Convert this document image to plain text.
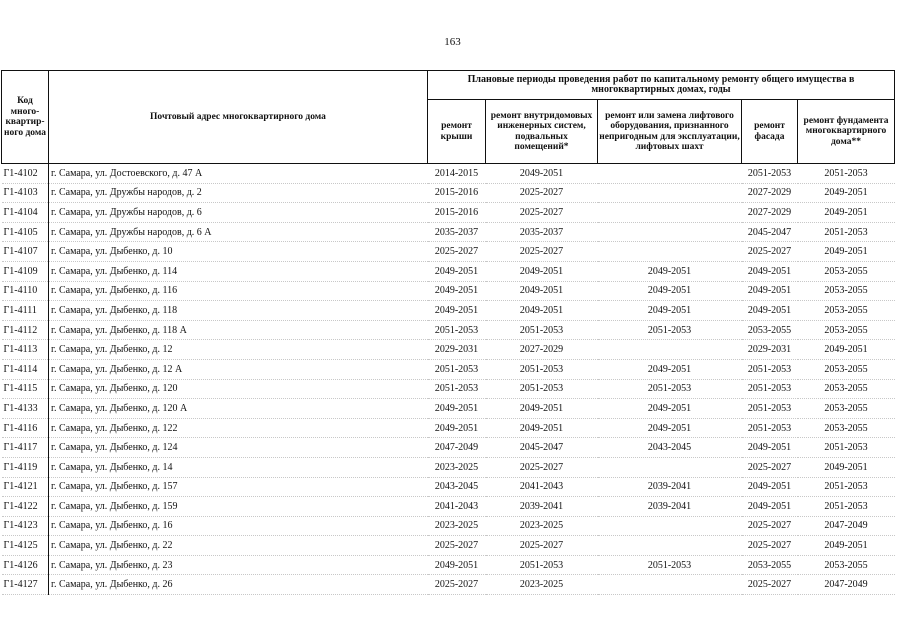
163
Код много-квартир-ного дома	Почтовый адрес многоквартирного дома	Плановые периоды проведения работ по капитальному ремонту общего имущества в многоквартирных домах, годы				
		ремонт крыши	ремонт внутридомовых инженерных систем, подвальных помещений*	ремонт или замена лифтового оборудования, признанного непригодным для эксплуатации, лифтовых шахт	ремонт фасада	ремонт фундамента многоквартирного дома**
Г1-4102	г. Самара, ул. Достоевского, д. 47 А	2014-2015	2049-2051		2051-2053	2051-2053
Г1-4103	г. Самара, ул. Дружбы народов, д. 2	2015-2016	2025-2027		2027-2029	2049-2051
Г1-4104	г. Самара, ул. Дружбы народов, д. 6	2015-2016	2025-2027		2027-2029	2049-2051
Г1-4105	г. Самара, ул. Дружбы народов, д. 6 А	2035-2037	2035-2037		2045-2047	2051-2053
Г1-4107	г. Самара, ул. Дыбенко, д. 10	2025-2027	2025-2027		2025-2027	2049-2051
Г1-4109	г. Самара, ул. Дыбенко, д. 114	2049-2051	2049-2051	2049-2051	2049-2051	2053-2055
Г1-4110	г. Самара, ул. Дыбенко, д. 116	2049-2051	2049-2051	2049-2051	2049-2051	2053-2055
Г1-4111	г. Самара, ул. Дыбенко, д. 118	2049-2051	2049-2051	2049-2051	2049-2051	2053-2055
Г1-4112	г. Самара, ул. Дыбенко, д. 118 А	2051-2053	2051-2053	2051-2053	2053-2055	2053-2055
Г1-4113	г. Самара, ул. Дыбенко, д. 12	2029-2031	2027-2029		2029-2031	2049-2051
Г1-4114	г. Самара, ул. Дыбенко, д. 12 А	2051-2053	2051-2053	2049-2051	2051-2053	2053-2055
Г1-4115	г. Самара, ул. Дыбенко, д. 120	2051-2053	2051-2053	2051-2053	2051-2053	2053-2055
Г1-4133	г. Самара, ул. Дыбенко, д. 120 А	2049-2051	2049-2051	2049-2051	2051-2053	2053-2055
Г1-4116	г. Самара, ул. Дыбенко, д. 122	2049-2051	2049-2051	2049-2051	2051-2053	2053-2055
Г1-4117	г. Самара, ул. Дыбенко, д. 124	2047-2049	2045-2047	2043-2045	2049-2051	2051-2053
Г1-4119	г. Самара, ул. Дыбенко, д. 14	2023-2025	2025-2027		2025-2027	2049-2051
Г1-4121	г. Самара, ул. Дыбенко, д. 157	2043-2045	2041-2043	2039-2041	2049-2051	2051-2053
Г1-4122	г. Самара, ул. Дыбенко, д. 159	2041-2043	2039-2041	2039-2041	2049-2051	2051-2053
Г1-4123	г. Самара, ул. Дыбенко, д. 16	2023-2025	2023-2025		2025-2027	2047-2049
Г1-4125	г. Самара, ул. Дыбенко, д. 22	2025-2027	2025-2027		2025-2027	2049-2051
Г1-4126	г. Самара, ул. Дыбенко, д. 23	2049-2051	2051-2053	2051-2053	2053-2055	2053-2055
Г1-4127	г. Самара, ул. Дыбенко, д. 26	2025-2027	2023-2025		2025-2027	2047-2049
